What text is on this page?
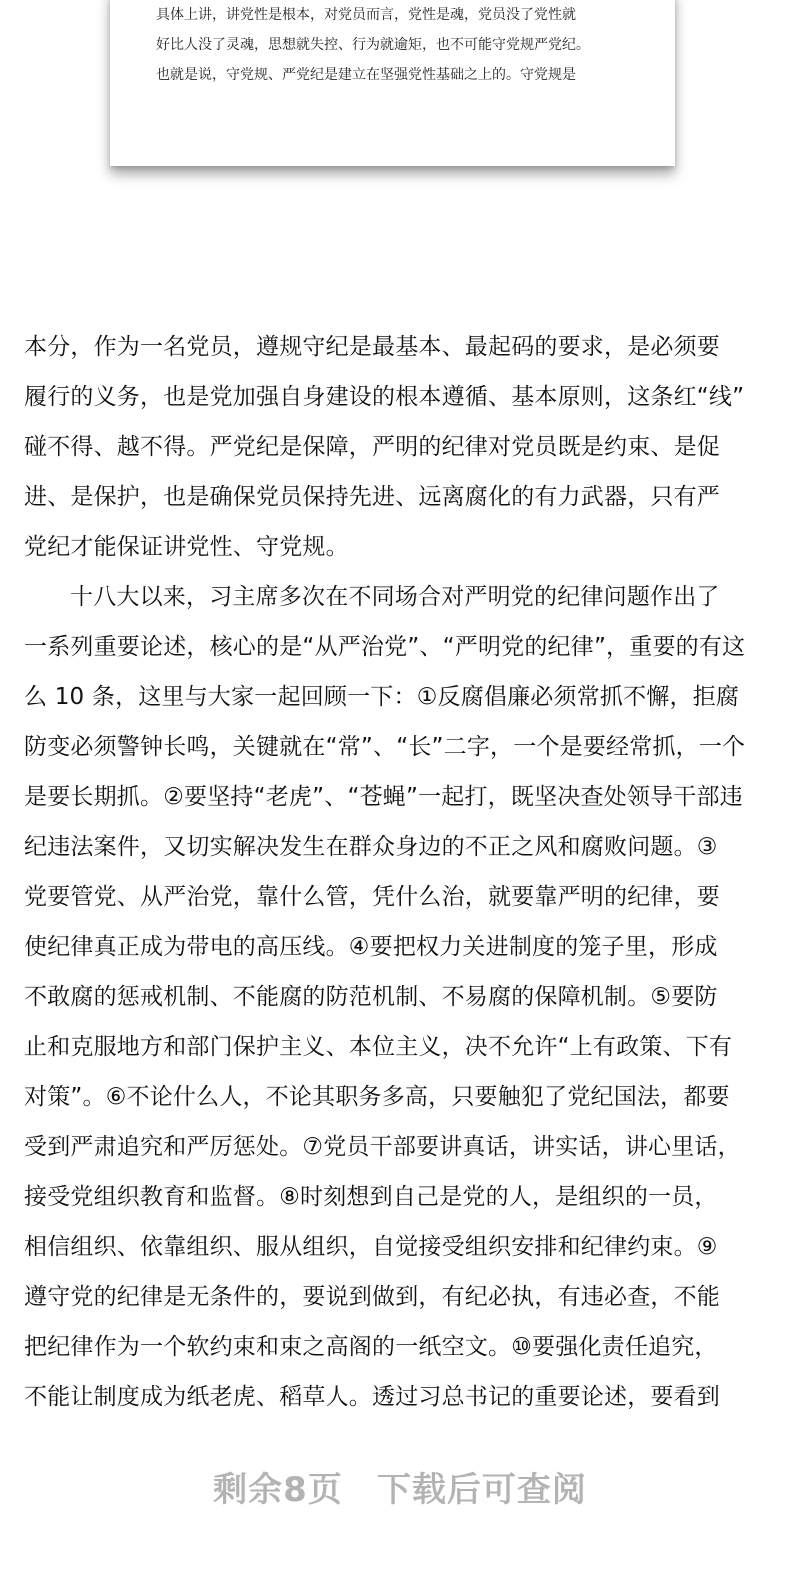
具体上讲，讲党性是根本，对党员而言，党性是魂，党员没了党性就
好比人没了灵魂，思想就失控、行为就逾矩，也不可能守党规严党纪。
也就是说，守党规、严党纪是建立在坚强党性基础之上的。守党规是
本分，作为一名党员，遵规守纪是最基本、最起码的要求，是必须要
履行的义务，也是党加强自身建设的根本遵循、基本原则，这条红“线”
碰不得、越不得。严党纪是保障，严明的纪律对党员既是约束、是促
进、是保护，也是确保党员保持先进、远离腐化的有力武器，只有严
党纪才能保证讲党性、守党规。
十八大以来，习主席多次在不同场合对严明党的纪律问题作出了
一系列重要论述，核心的是“从严治党”、“严明党的纪律”，重要的有这
么 10 条，这里与大家一起回顾一下：①反腐倡廉必须常抓不懈，拒腐
防变必须警钟长鸣，关键就在“常”、“长”二字，一个是要经常抓，一个
是要长期抓。②要坚持“老虎”、“苍蝇”一起打，既坚决查处领导干部违
纪违法案件，又切实解决发生在群众身边的不正之风和腐败问题。③
党要管党、从严治党，靠什么管，凭什么治，就要靠严明的纪律，要
使纪律真正成为带电的高压线。④要把权力关进制度的笼子里，形成
不敢腐的惩戒机制、不能腐的防范机制、不易腐的保障机制。⑤要防
止和克服地方和部门保护主义、本位主义，决不允许“上有政策、下有
对策”。⑥不论什么人，不论其职务多高，只要触犯了党纪国法，都要
受到严肃追究和严厉惩处。⑦党员干部要讲真话，讲实话，讲心里话，
接受党组织教育和监督。⑧时刻想到自己是党的人，是组织的一员，
相信组织、依靠组织、服从组织，自觉接受组织安排和纪律约束。⑨
遵守党的纪律是无条件的，要说到做到，有纪必执，有违必查，不能
把纪律作为一个软约束和束之高阁的一纸空文。⑩要强化责任追究，
不能让制度成为纸老虎、稻草人。透过习总书记的重要论述，要看到
剩余8页 下载后可查阅
